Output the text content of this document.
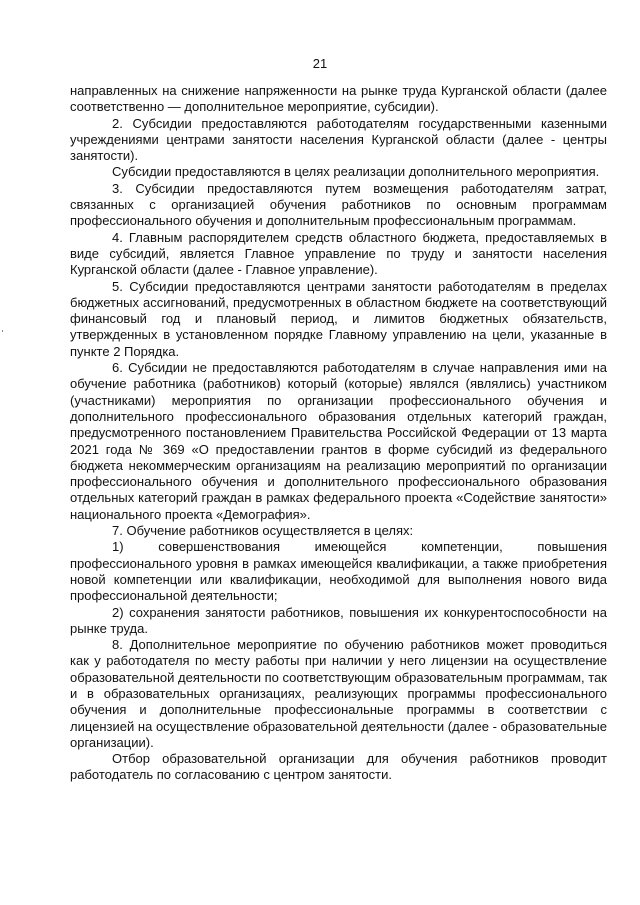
21

направленных на снижение напряженности на рынке труда Курганской области (далее соответственно — дополнительное мероприятие, субсидии).

2. Субсидии предоставляются работодателям государственными казенными учреждениями центрами занятости населения Курганской области (далее - центры занятости).

Субсидии предоставляются в целях реализации дополнительного мероприятия.

3. Субсидии предоставляются путем возмещения работодателям затрат, связанных с организацией обучения работников по основным программам профессионального обучения и дополнительным профессиональным программам.

4. Главным распорядителем средств областного бюджета, предоставляемых в виде субсидий, является Главное управление по труду и занятости населения Курганской области (далее - Главное управление).

5. Субсидии предоставляются центрами занятости работодателям в пределах бюджетных ассигнований, предусмотренных в областном бюджете на соответствующий финансовый год и плановый период, и лимитов бюджетных обязательств, утвержденных в установленном порядке Главному управлению на цели, указанные в пункте 2 Порядка.

6. Субсидии не предоставляются работодателям в случае направления ими на обучение работника (работников) который (которые) являлся (являлись) участником (участниками) мероприятия по организации профессионального обучения и дополнительного профессионального образования отдельных категорий граждан, предусмотренного постановлением Правительства Российской Федерации от 13 марта 2021 года № 369 «О предоставлении грантов в форме субсидий из федерального бюджета некоммерческим организациям на реализацию мероприятий по организации профессионального обучения и дополнительного профессионального образования отдельных категорий граждан в рамках федерального проекта «Содействие занятости» национального проекта «Демография».

7. Обучение работников осуществляется в целях:

1) совершенствования имеющейся компетенции, повышения профессионального уровня в рамках имеющейся квалификации, а также приобретения новой компетенции или квалификации, необходимой для выполнения нового вида профессиональной деятельности;

2) сохранения занятости работников, повышения их конкурентоспособности на рынке труда.

8. Дополнительное мероприятие по обучению работников может проводиться как у работодателя по месту работы при наличии у него лицензии на осуществление образовательной деятельности по соответствующим образовательным программам, так и в образовательных организациях, реализующих программы профессионального обучения и дополнительные профессиональные программы в соответствии с лицензией на осуществление образовательной деятельности (далее - образовательные организации).

Отбор образовательной организации для обучения работников проводит работодатель по согласованию с центром занятости.
